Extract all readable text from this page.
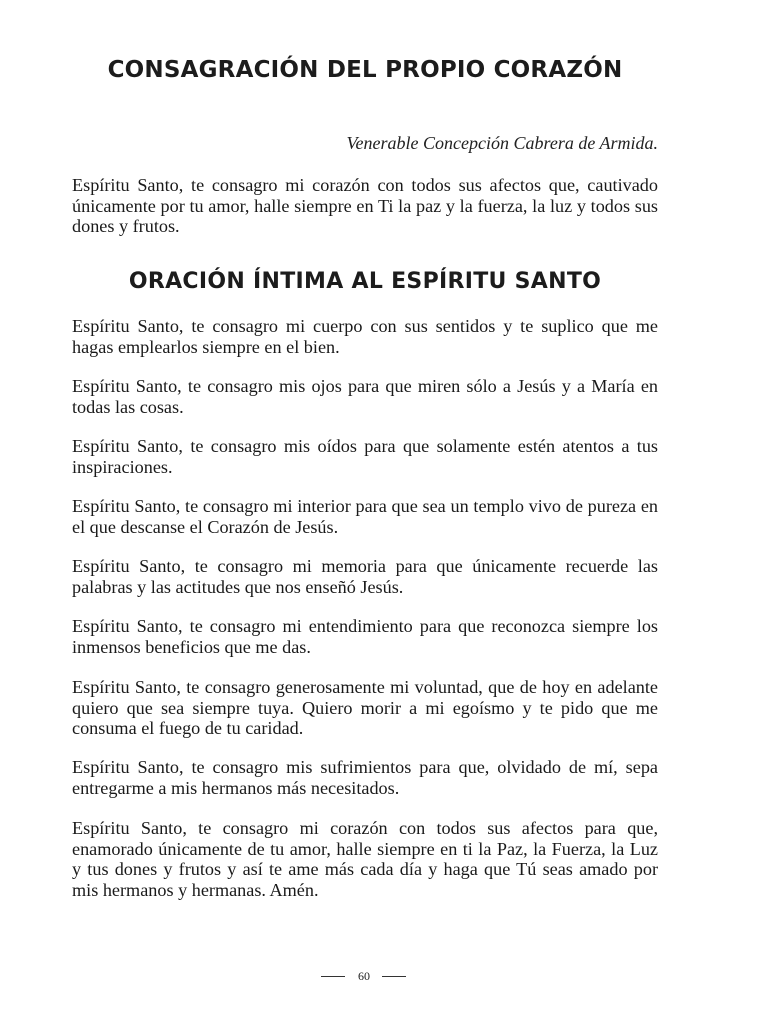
CONSAGRACIÓN DEL PROPIO CORAZÓN
Venerable Concepción Cabrera de Armida.
Espíritu Santo, te consagro mi corazón con todos sus afectos que, cautivado únicamente por tu amor, halle siempre en Ti la paz y la fuerza, la luz y todos sus dones y frutos.
ORACIÓN ÍNTIMA AL ESPÍRITU SANTO
Espíritu Santo, te consagro mi cuerpo con sus sentidos y te suplico que me hagas emplearlos siempre en el bien.
Espíritu Santo, te consagro mis ojos para que miren sólo a Jesús y a María en todas las cosas.
Espíritu Santo, te consagro mis oídos para que solamente estén atentos a tus inspiraciones.
Espíritu Santo, te consagro mi interior para que sea un templo vivo de pureza en el que descanse el Corazón de Jesús.
Espíritu Santo, te consagro mi memoria para que únicamente recuerde las palabras y las actitudes que nos enseñó Jesús.
Espíritu Santo, te consagro mi entendimiento para que reconozca siempre los inmensos beneficios que me das.
Espíritu Santo, te consagro generosamente mi voluntad, que de hoy en adelante quiero que sea siempre tuya. Quiero morir a mi egoísmo y te pido que me consuma el fuego de tu caridad.
Espíritu Santo, te consagro mis sufrimientos para que, olvidado de mí, sepa entregarme a mis hermanos más necesitados.
Espíritu Santo, te consagro mi corazón con todos sus afectos para que, enamorado únicamente de tu amor, halle siempre en ti la Paz, la Fuerza, la Luz y tus dones y frutos y así te ame más cada día y haga que Tú seas amado por mis hermanos y hermanas. Amén.
60
